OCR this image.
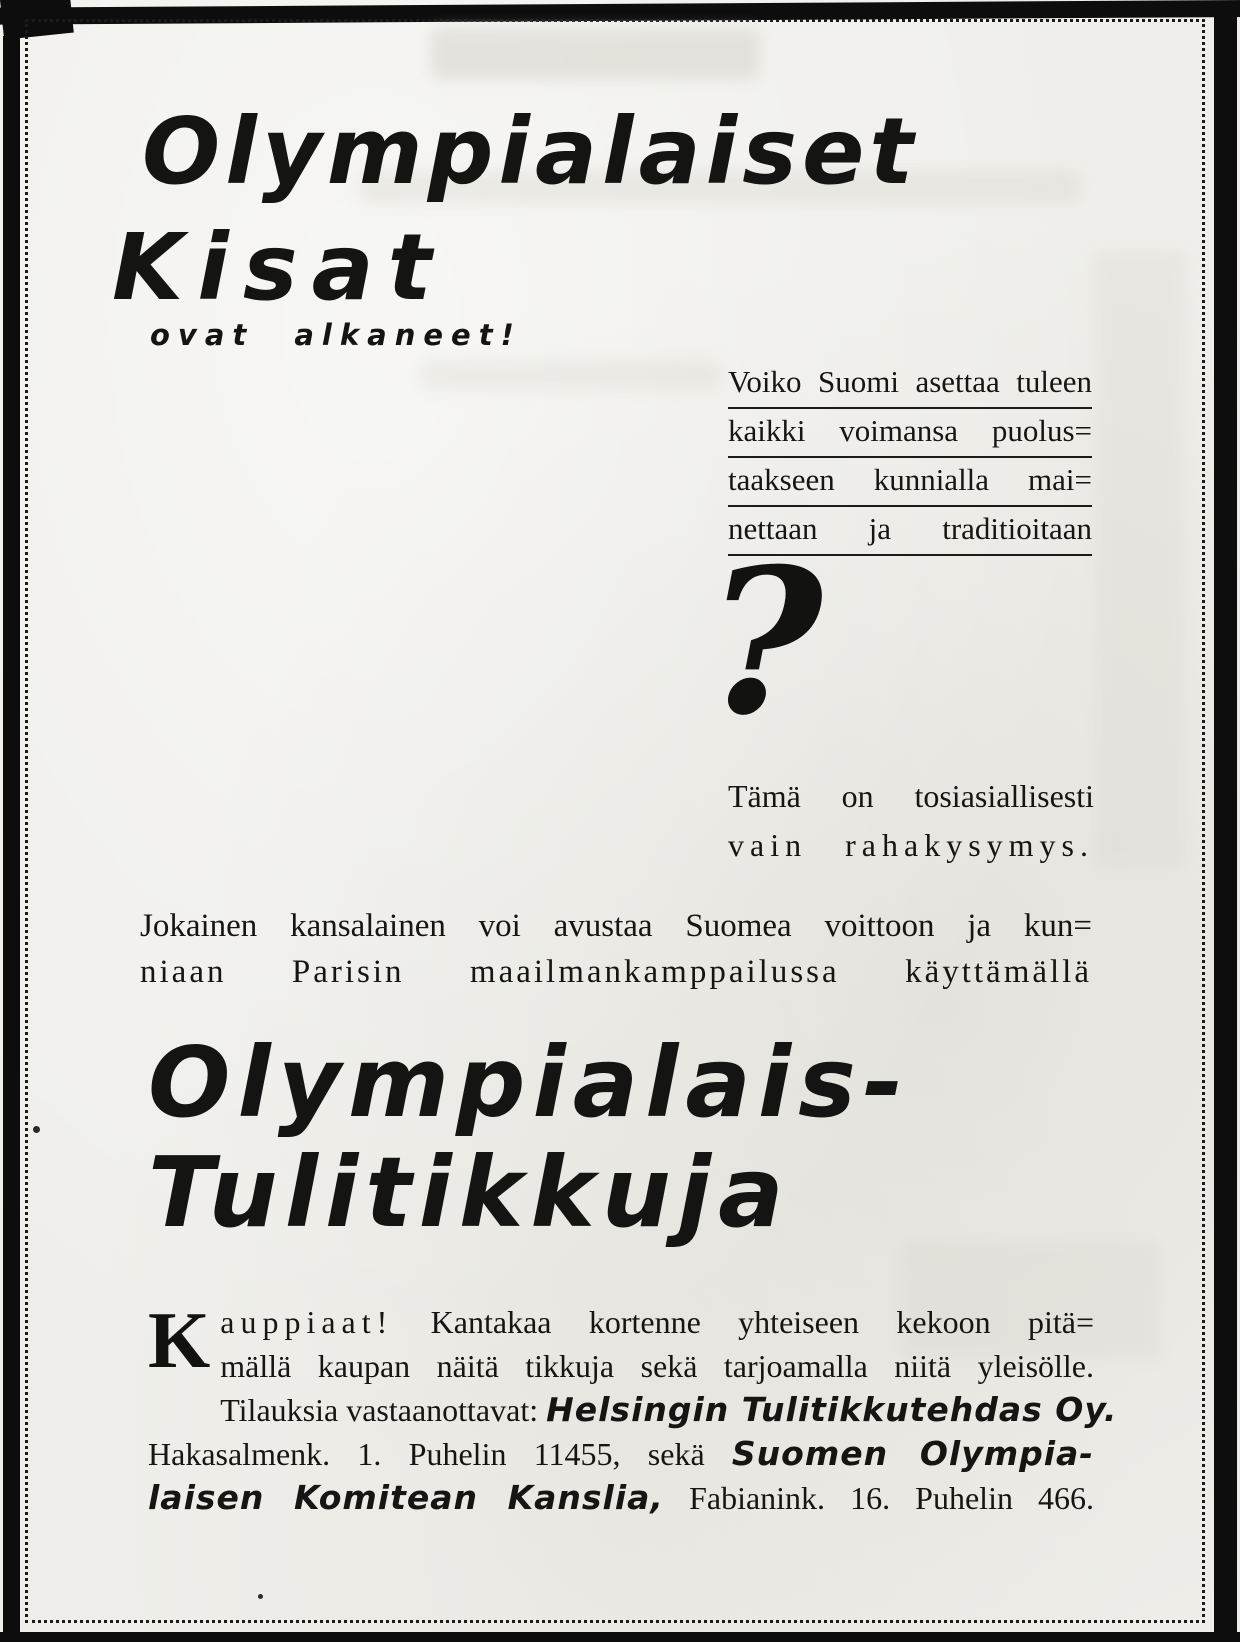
Olympialaiset
Kisat
ovat alkaneet!
Voiko Suomi asettaa tuleen
kaikki voimansa puolus=
taakseen kunnialla mai=
nettaan ja traditioitaan
?
Tämä on tosiasiallisesti
vain rahakysymys.
Jokainen kansalainen voi avustaa Suomea voittoon ja kun=
niaan Parisin maailmankamppailussa käyttämällä
Olympialais-
Tulitikkuja
K auppiaat! Kantakaa kortenne yhteiseen kekoon pitä=
mällä kaupan näitä tikkuja sekä tarjoamalla niitä yleisölle.
Tilauksia vastaanottavat: Helsingin Tulitikkutehdas Oy.
Hakasalmenk. 1. Puhelin 11455, sekä Suomen Olympia-
laisen Komitean Kanslia, Fabianink. 16. Puhelin 466.
